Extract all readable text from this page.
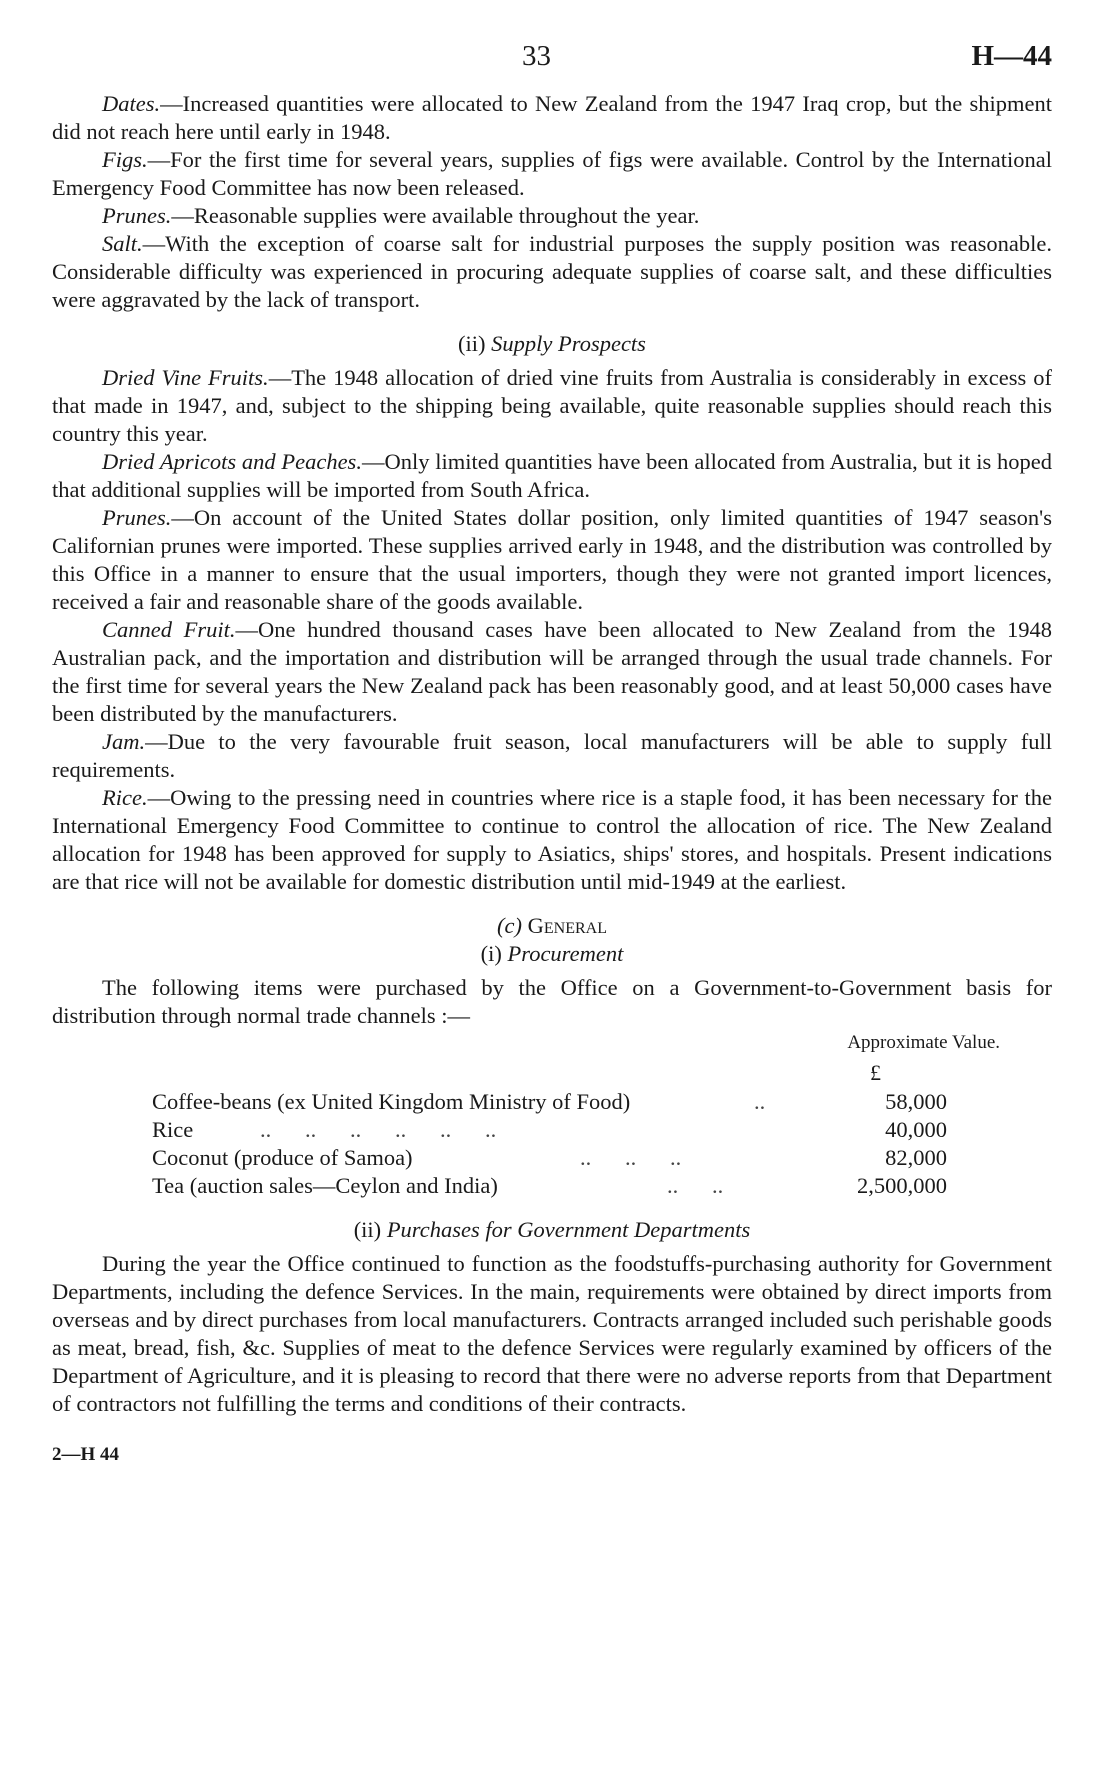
33	H—44

Dates.—Increased quantities were allocated to New Zealand from the 1947 Iraq crop, but the shipment did not reach here until early in 1948.

Figs.—For the first time for several years, supplies of figs were available. Control by the International Emergency Food Committee has now been released.

Prunes.—Reasonable supplies were available throughout the year.

Salt.—With the exception of coarse salt for industrial purposes the supply position was reasonable. Considerable difficulty was experienced in procuring adequate supplies of coarse salt, and these difficulties were aggravated by the lack of transport.

(ii) Supply Prospects

Dried Vine Fruits.—The 1948 allocation of dried vine fruits from Australia is considerably in excess of that made in 1947, and, subject to the shipping being available, quite reasonable supplies should reach this country this year.

Dried Apricots and Peaches.—Only limited quantities have been allocated from Australia, but it is hoped that additional supplies will be imported from South Africa.

Prunes.—On account of the United States dollar position, only limited quantities of 1947 season's Californian prunes were imported. These supplies arrived early in 1948, and the distribution was controlled by this Office in a manner to ensure that the usual importers, though they were not granted import licences, received a fair and reasonable share of the goods available.

Canned Fruit.—One hundred thousand cases have been allocated to New Zealand from the 1948 Australian pack, and the importation and distribution will be arranged through the usual trade channels. For the first time for several years the New Zealand pack has been reasonably good, and at least 50,000 cases have been distributed by the manufacturers.

Jam.—Due to the very favourable fruit season, local manufacturers will be able to supply full requirements.

Rice.—Owing to the pressing need in countries where rice is a staple food, it has been necessary for the International Emergency Food Committee to continue to control the allocation of rice. The New Zealand allocation for 1948 has been approved for supply to Asiatics, ships' stores, and hospitals. Present indications are that rice will not be available for domestic distribution until mid-1949 at the earliest.

(c) General
(i) Procurement

The following items were purchased by the Office on a Government-to-Government basis for distribution through normal trade channels :—

Approximate Value.
£
Coffee-beans (ex United Kingdom Ministry of Food)	..	58,000
Rice	..      ..      ..      ..      ..      ..	40,000
Coconut (produce of Samoa)	..      ..      ..	82,000
Tea (auction sales—Ceylon and India)	..      ..	2,500,000
(ii) Purchases for Government Departments

During the year the Office continued to function as the foodstuffs-purchasing authority for Government Departments, including the defence Services. In the main, requirements were obtained by direct imports from overseas and by direct purchases from local manufacturers. Contracts arranged included such perishable goods as meat, bread, fish, &c. Supplies of meat to the defence Services were regularly examined by officers of the Department of Agriculture, and it is pleasing to record that there were no adverse reports from that Department of contractors not fulfilling the terms and conditions of their contracts.

2—H 44
